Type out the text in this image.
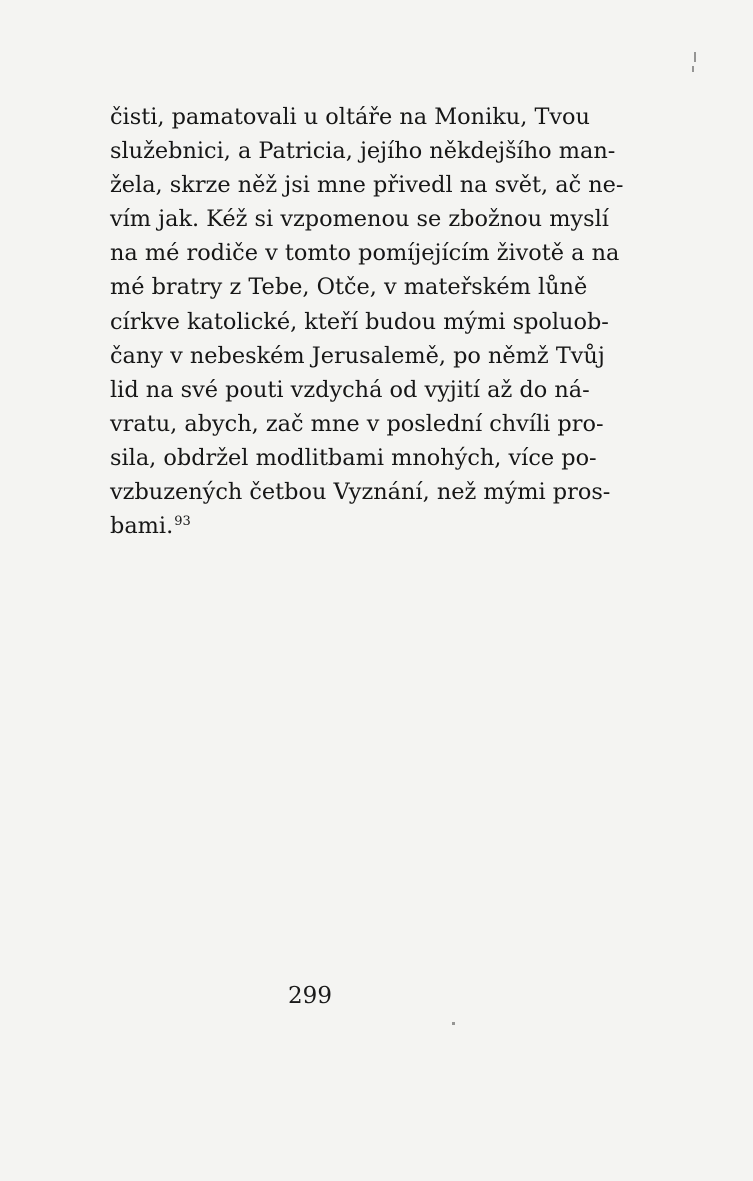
čisti, pamatovali u oltáře na Moniku, Tvou
služebnici, a Patricia, jejího někdejšího man-
žela, skrze něž jsi mne přivedl na svět, ač ne-
vím jak. Kéž si vzpomenou se zbožnou myslí
na mé rodiče v tomto pomíjejícím životě a na
mé bratry z Tebe, Otče, v mateřském lůně
církve katolické, kteří budou mými spoluob-
čany v nebeském Jerusalemě, po němž Tvůj
lid na své pouti vzdychá od vyjití až do ná-
vratu, abych, zač mne v poslední chvíli pro-
sila, obdržel modlitbami mnohých, více po-
vzbuzených četbou Vyznání, než mými pros-
bami.$^{93}$
299
